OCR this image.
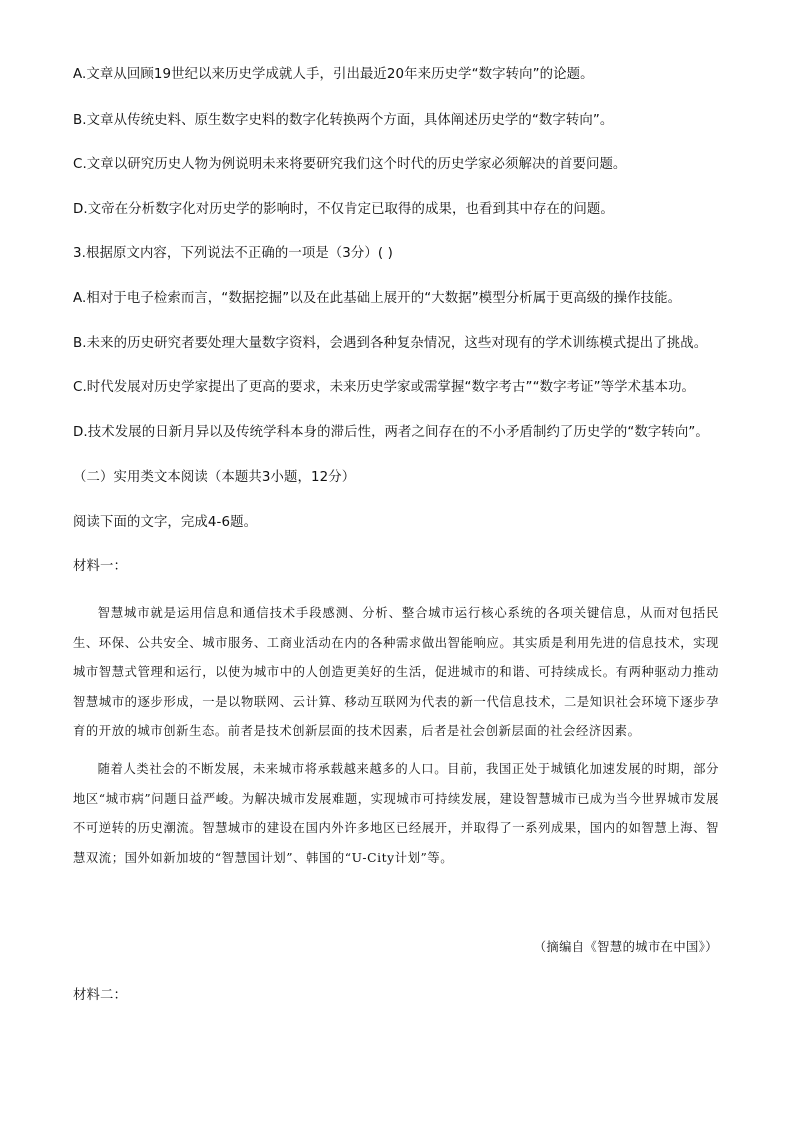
A.文章从回顾19世纪以来历史学成就人手，引出最近20年来历史学“数字转向”的论题。
B.文章从传统史料、原生数字史料的数字化转换两个方面，具体阐述历史学的“数字转向”。
C.文章以研究历史人物为例说明未来将要研究我们这个时代的历史学家必须解决的首要问题。
D.文帝在分析数字化对历史学的影响时，不仅肯定已取得的成果，也看到其中存在的问题。
3.根据原文内容，下列说法不正确的一项是（3分）( )
A.相对于电子检索而言，“数据挖掘”以及在此基础上展开的“大数据”模型分析属于更高级的操作技能。
B.未来的历史研究者要处理大量数字资料，会遇到各种复杂情况，这些对现有的学术训练模式提出了挑战。
C.时代发展对历史学家提出了更高的要求，未来历史学家或需掌握“数字考古”“数字考证”等学术基本功。
D.技术发展的日新月异以及传统学科本身的滞后性，两者之间存在的不小矛盾制约了历史学的“数字转向”。
（二）实用类文本阅读（本题共3小题，12分）
阅读下面的文字，完成4-6题。
材料一：

智慧城市就是运用信息和通信技术手段感测、分析、整合城市运行核心系统的各项关键信息，从而对包括民生、环保、公共安全、城市服务、工商业活动在内的各种需求做出智能响应。其实质是利用先进的信息技术，实现城市智慧式管理和运行，以使为城市中的人创造更美好的生活，促进城市的和谐、可持续成长。有两种驱动力推动智慧城市的逐步形成，一是以物联网、云计算、移动互联网为代表的新一代信息技术，二是知识社会环境下逐步孕育的开放的城市创新生态。前者是技术创新层面的技术因素，后者是社会创新层面的社会经济因素。

随着人类社会的不断发展，未来城市将承载越来越多的人口。目前，我国正处于城镇化加速发展的时期，部分地区“城市病”问题日益严峻。为解决城市发展难题，实现城市可持续发展，建设智慧城市已成为当今世界城市发展不可逆转的历史潮流。智慧城市的建设在国内外许多地区已经展开，并取得了一系列成果，国内的如智慧上海、智慧双流；国外如新加坡的“智慧国计划”、韩国的“U-City计划”等。

（摘编自《智慧的城市在中国》）
材料二：
